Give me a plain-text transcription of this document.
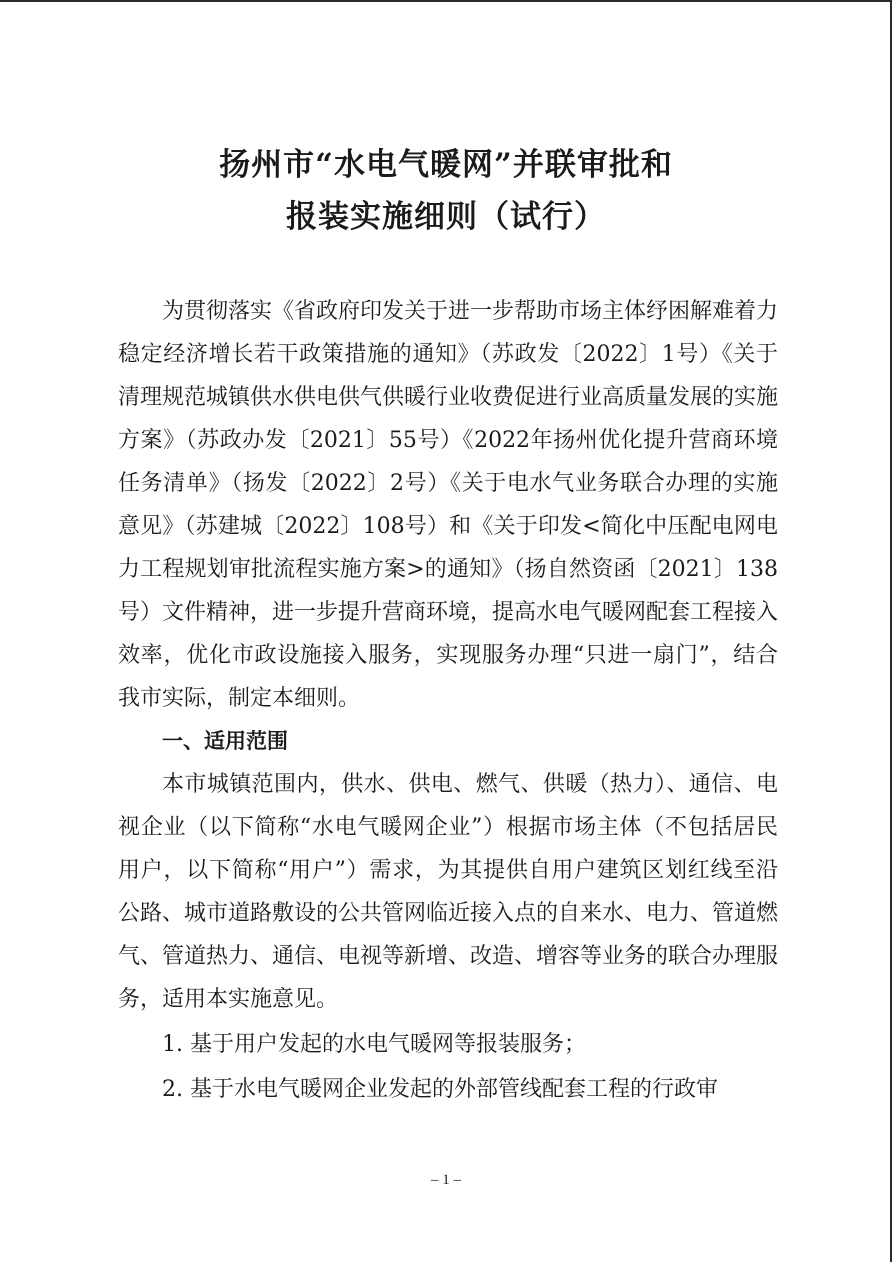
扬州市“水电气暖网”并联审批和
报装实施细则（试行）

为贯彻落实《省政府印发关于进一步帮助市场主体纾困解难着力稳定经济增长若干政策措施的通知》（苏政发〔2022〕1号）《关于清理规范城镇供水供电供气供暖行业收费促进行业高质量发展的实施方案》（苏政办发〔2021〕55号）《2022年扬州优化提升营商环境任务清单》（扬发〔2022〕2号）《关于电水气业务联合办理的实施意见》（苏建城〔2022〕108号）和《关于印发<简化中压配电网电力工程规划审批流程实施方案>的通知》（扬自然资函〔2021〕138号）文件精神，进一步提升营商环境，提高水电气暖网配套工程接入效率，优化市政设施接入服务，实现服务办理“只进一扇门”，结合我市实际，制定本细则。

一、适用范围

本市城镇范围内，供水、供电、燃气、供暖（热力）、通信、电视企业（以下简称“水电气暖网企业”）根据市场主体（不包括居民用户，以下简称“用户”）需求，为其提供自用户建筑区划红线至沿公路、城市道路敷设的公共管网临近接入点的自来水、电力、管道燃气、管道热力、通信、电视等新增、改造、增容等业务的联合办理服务，适用本实施意见。

1. 基于用户发起的水电气暖网等报装服务；

2. 基于水电气暖网企业发起的外部管线配套工程的行政审

– 1 –
